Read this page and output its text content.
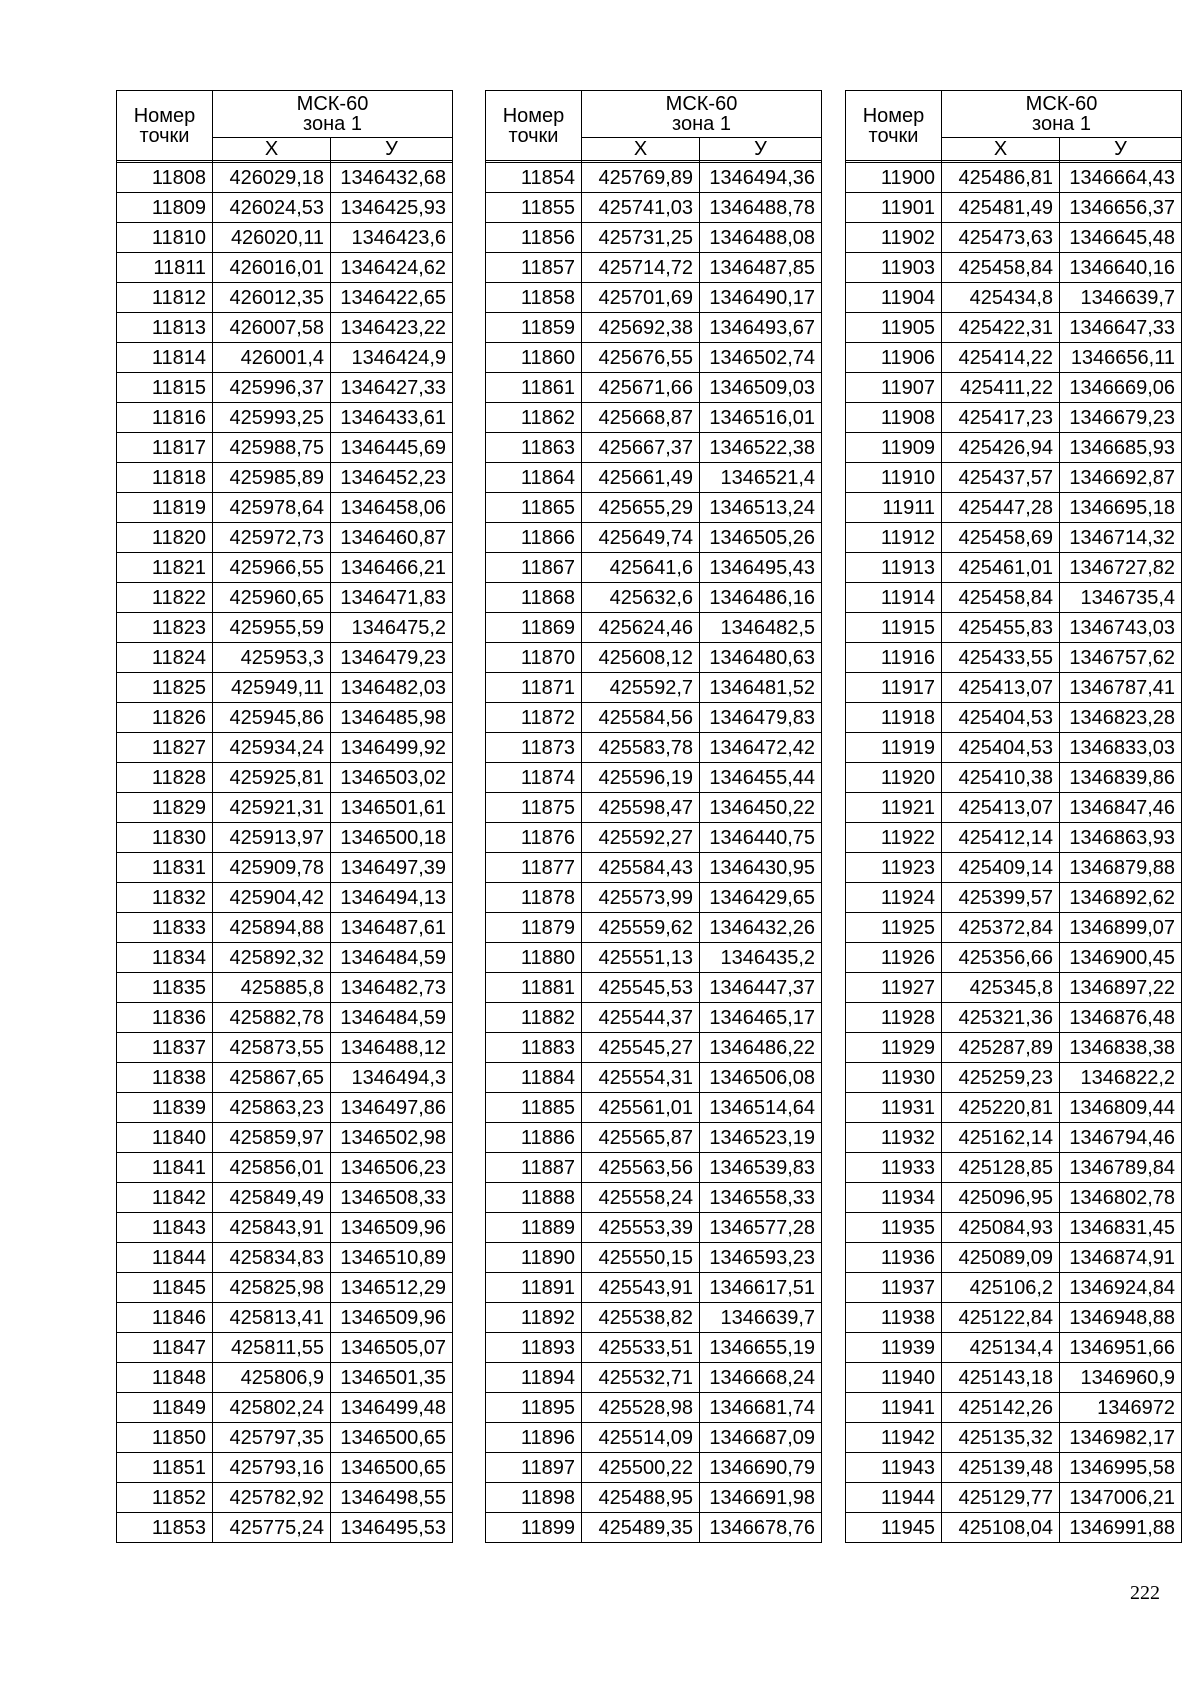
Номер
точки	МСК-60
зона 1	
	Х	У

11808	426029,18	1346432,68
11809	426024,53	1346425,93
11810	426020,11	1346423,6
11811	426016,01	1346424,62
11812	426012,35	1346422,65
11813	426007,58	1346423,22
11814	426001,4	1346424,9
11815	425996,37	1346427,33
11816	425993,25	1346433,61
11817	425988,75	1346445,69
11818	425985,89	1346452,23
11819	425978,64	1346458,06
11820	425972,73	1346460,87
11821	425966,55	1346466,21
11822	425960,65	1346471,83
11823	425955,59	1346475,2
11824	425953,3	1346479,23
11825	425949,11	1346482,03
11826	425945,86	1346485,98
11827	425934,24	1346499,92
11828	425925,81	1346503,02
11829	425921,31	1346501,61
11830	425913,97	1346500,18
11831	425909,78	1346497,39
11832	425904,42	1346494,13
11833	425894,88	1346487,61
11834	425892,32	1346484,59
11835	425885,8	1346482,73
11836	425882,78	1346484,59
11837	425873,55	1346488,12
11838	425867,65	1346494,3
11839	425863,23	1346497,86
11840	425859,97	1346502,98
11841	425856,01	1346506,23
11842	425849,49	1346508,33
11843	425843,91	1346509,96
11844	425834,83	1346510,89
11845	425825,98	1346512,29
11846	425813,41	1346509,96
11847	425811,55	1346505,07
11848	425806,9	1346501,35
11849	425802,24	1346499,48
11850	425797,35	1346500,65
11851	425793,16	1346500,65
11852	425782,92	1346498,55
11853	425775,24	1346495,53
Номер
точки	МСК-60
зона 1	
	Х	У

11854	425769,89	1346494,36
11855	425741,03	1346488,78
11856	425731,25	1346488,08
11857	425714,72	1346487,85
11858	425701,69	1346490,17
11859	425692,38	1346493,67
11860	425676,55	1346502,74
11861	425671,66	1346509,03
11862	425668,87	1346516,01
11863	425667,37	1346522,38
11864	425661,49	1346521,4
11865	425655,29	1346513,24
11866	425649,74	1346505,26
11867	425641,6	1346495,43
11868	425632,6	1346486,16
11869	425624,46	1346482,5
11870	425608,12	1346480,63
11871	425592,7	1346481,52
11872	425584,56	1346479,83
11873	425583,78	1346472,42
11874	425596,19	1346455,44
11875	425598,47	1346450,22
11876	425592,27	1346440,75
11877	425584,43	1346430,95
11878	425573,99	1346429,65
11879	425559,62	1346432,26
11880	425551,13	1346435,2
11881	425545,53	1346447,37
11882	425544,37	1346465,17
11883	425545,27	1346486,22
11884	425554,31	1346506,08
11885	425561,01	1346514,64
11886	425565,87	1346523,19
11887	425563,56	1346539,83
11888	425558,24	1346558,33
11889	425553,39	1346577,28
11890	425550,15	1346593,23
11891	425543,91	1346617,51
11892	425538,82	1346639,7
11893	425533,51	1346655,19
11894	425532,71	1346668,24
11895	425528,98	1346681,74
11896	425514,09	1346687,09
11897	425500,22	1346690,79
11898	425488,95	1346691,98
11899	425489,35	1346678,76
Номер
точки	МСК-60
зона 1	
	Х	У

11900	425486,81	1346664,43
11901	425481,49	1346656,37
11902	425473,63	1346645,48
11903	425458,84	1346640,16
11904	425434,8	1346639,7
11905	425422,31	1346647,33
11906	425414,22	1346656,11
11907	425411,22	1346669,06
11908	425417,23	1346679,23
11909	425426,94	1346685,93
11910	425437,57	1346692,87
11911	425447,28	1346695,18
11912	425458,69	1346714,32
11913	425461,01	1346727,82
11914	425458,84	1346735,4
11915	425455,83	1346743,03
11916	425433,55	1346757,62
11917	425413,07	1346787,41
11918	425404,53	1346823,28
11919	425404,53	1346833,03
11920	425410,38	1346839,86
11921	425413,07	1346847,46
11922	425412,14	1346863,93
11923	425409,14	1346879,88
11924	425399,57	1346892,62
11925	425372,84	1346899,07
11926	425356,66	1346900,45
11927	425345,8	1346897,22
11928	425321,36	1346876,48
11929	425287,89	1346838,38
11930	425259,23	1346822,2
11931	425220,81	1346809,44
11932	425162,14	1346794,46
11933	425128,85	1346789,84
11934	425096,95	1346802,78
11935	425084,93	1346831,45
11936	425089,09	1346874,91
11937	425106,2	1346924,84
11938	425122,84	1346948,88
11939	425134,4	1346951,66
11940	425143,18	1346960,9
11941	425142,26	1346972
11942	425135,32	1346982,17
11943	425139,48	1346995,58
11944	425129,77	1347006,21
11945	425108,04	1346991,88
222
